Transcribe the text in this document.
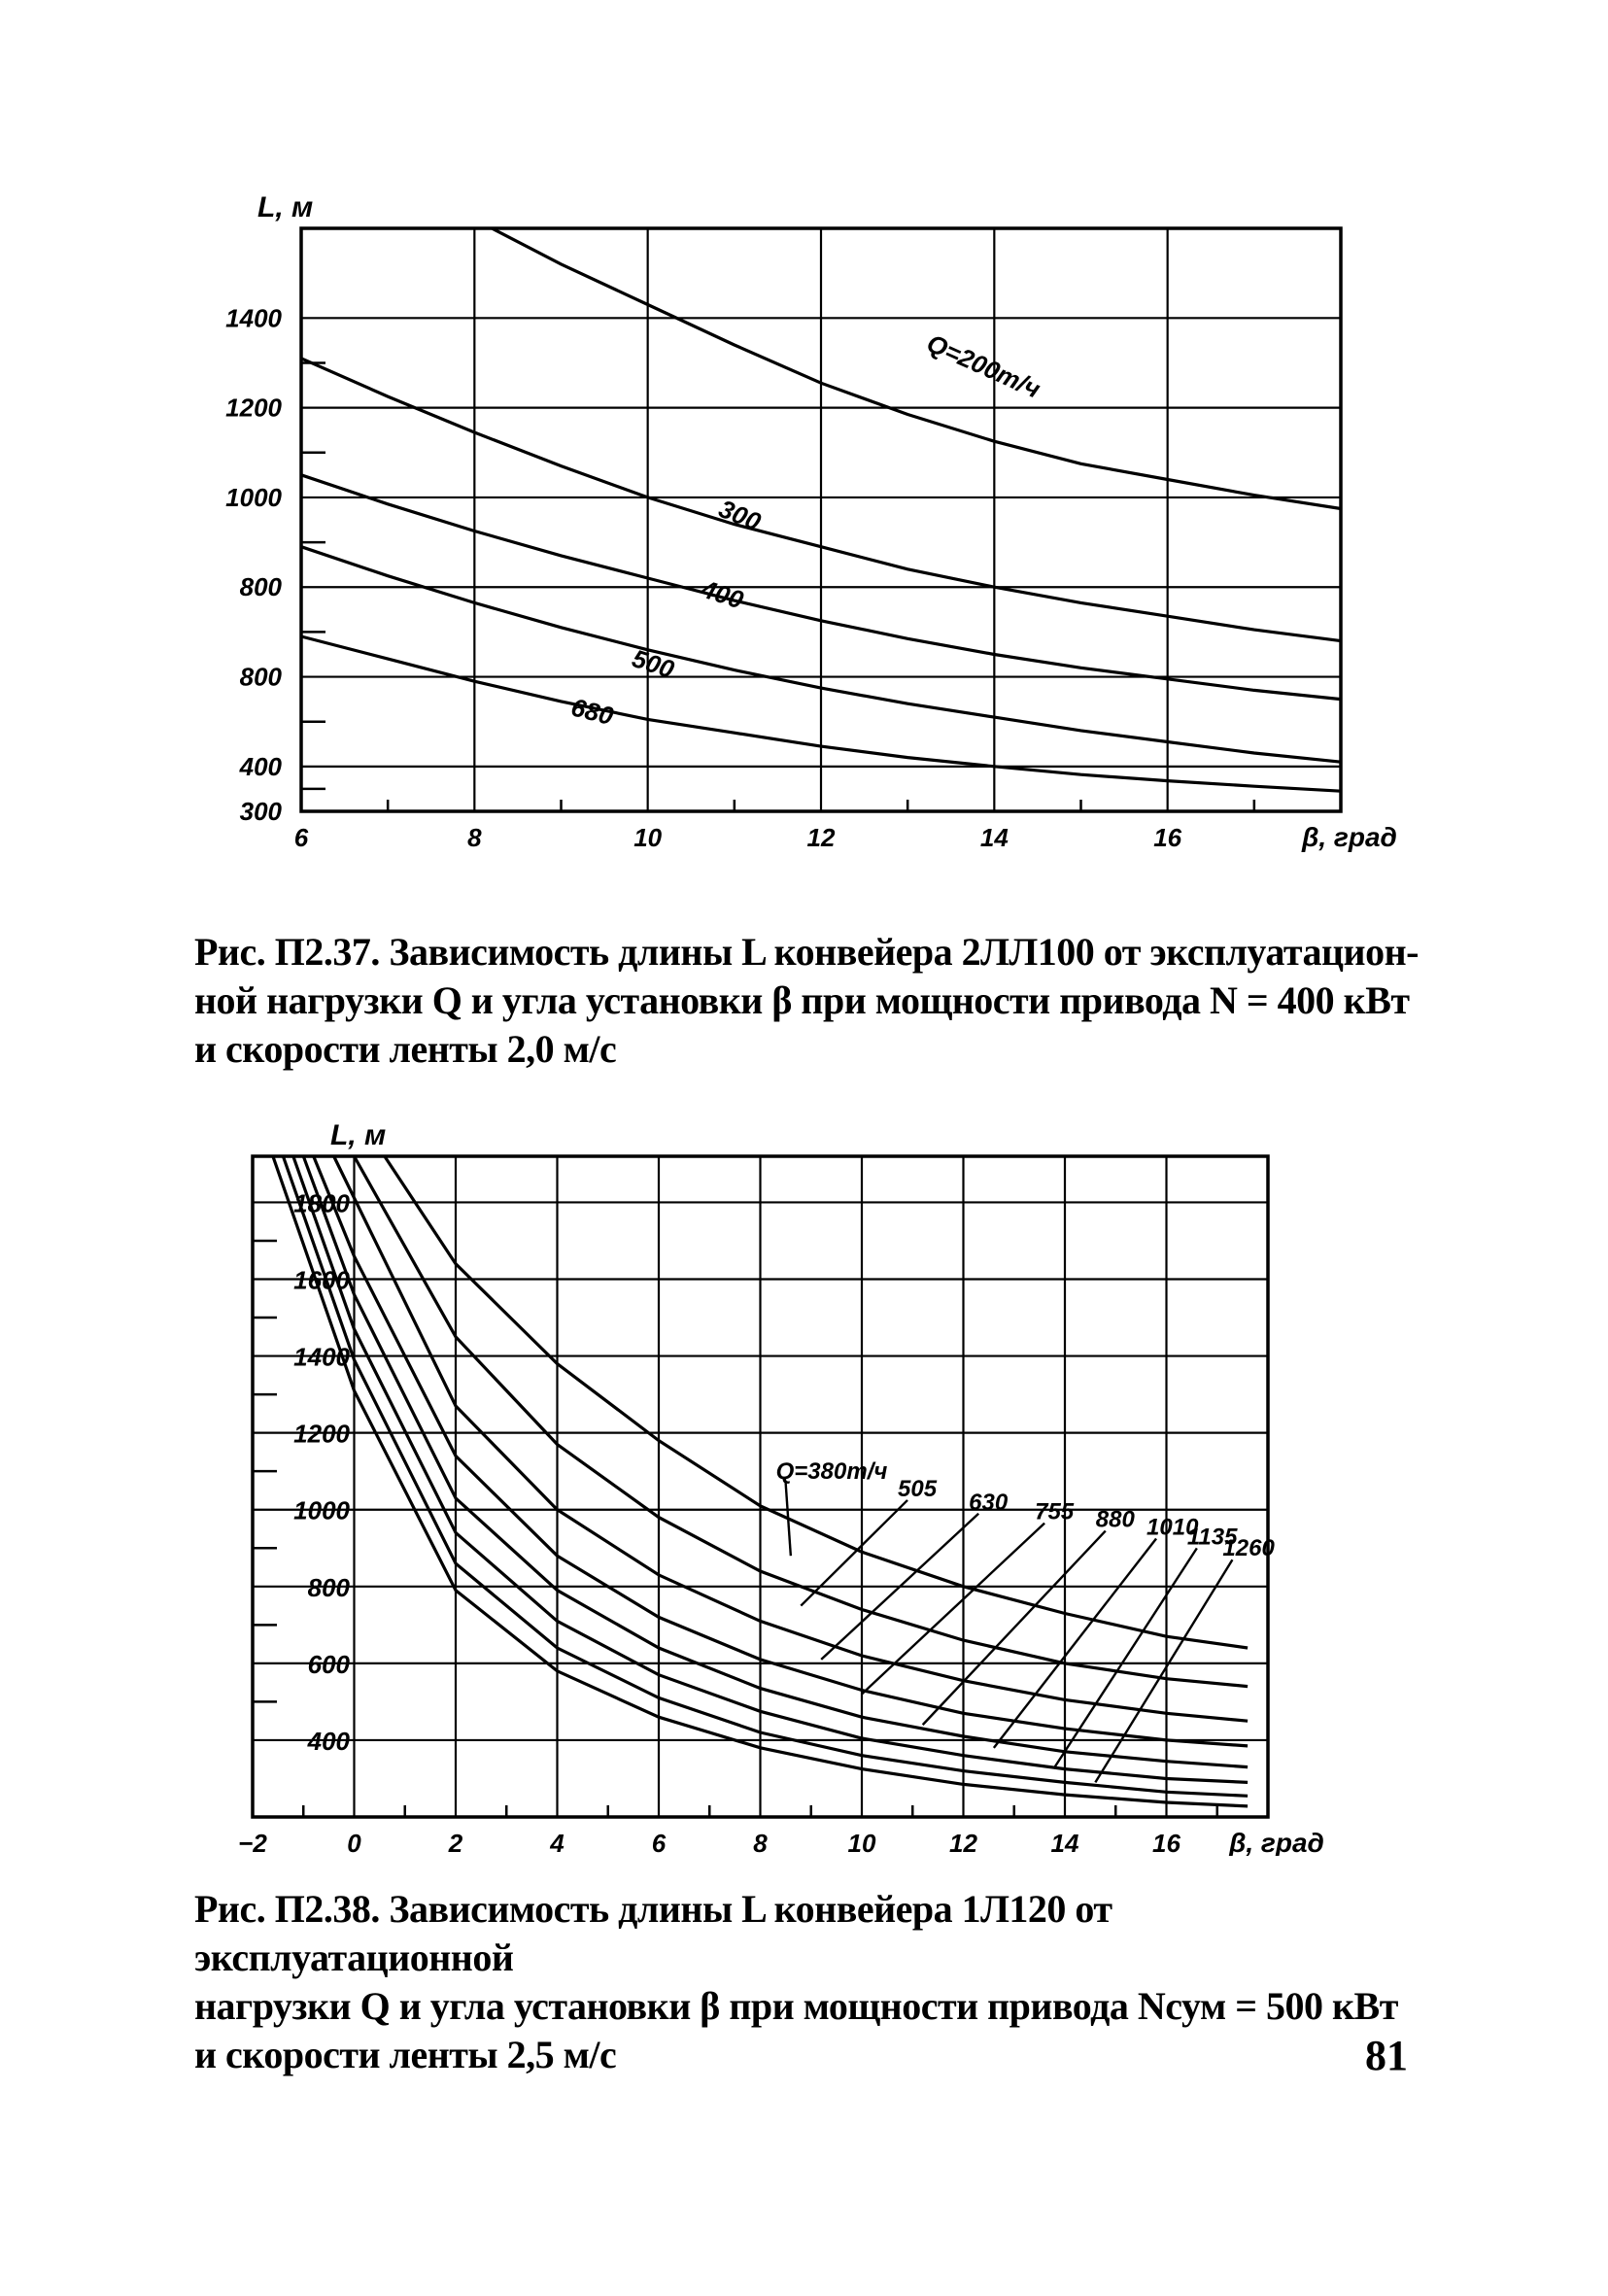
6	8	10	12	14	16
1400
1200
1000
800
800
400
300
β, град
L, м
Q=200т/ч
300
400
500
680
Рис. П2.37. Зависимость длины L конвейера 2ЛЛ100 от эксплуатацион-
ной нагрузки Q и угла установки β при мощности привода N = 400 кВт
и скорости ленты 2,0 м/с
−2	0	2	4	6	8	10	12	14	16
1800
1600
1400
1200
1000
800
600
400
β, град
L, м
Q=380т/ч
505
630 755 880 1010
1135
1260
Рис. П2.38. Зависимость длины L конвейера 1Л120 от эксплуатационной
нагрузки Q и угла установки β при мощности привода Nсум = 500 кВт
и скорости ленты 2,5 м/с	81
